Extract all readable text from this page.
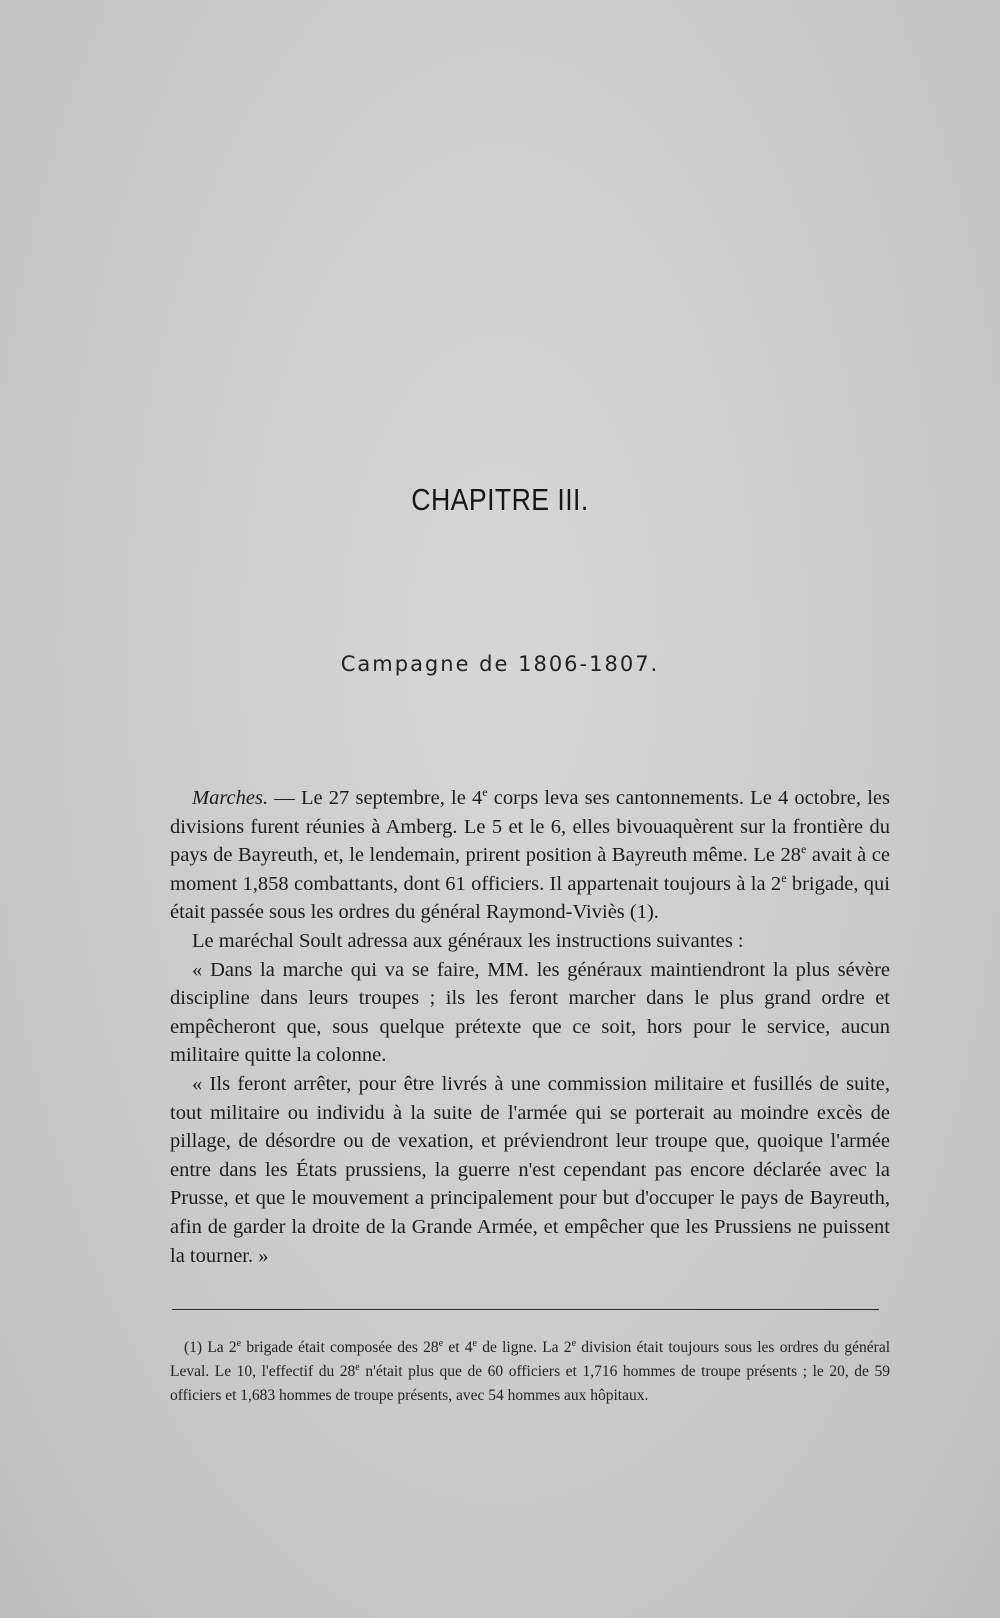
CHAPITRE III.
Campagne de 1806-1807.

Marches. — Le 27 septembre, le 4e corps leva ses cantonnements. Le 4 octobre, les divisions furent réunies à Amberg. Le 5 et le 6, elles bivouaquèrent sur la frontière du pays de Bayreuth, et, le lendemain, prirent position à Bayreuth même. Le 28e avait à ce moment 1,858 combattants, dont 61 officiers. Il appartenait toujours à la 2e brigade, qui était passée sous les ordres du général Raymond-Viviès (1).

Le maréchal Soult adressa aux généraux les instructions suivantes :

« Dans la marche qui va se faire, MM. les généraux maintiendront la plus sévère discipline dans leurs troupes ; ils les feront marcher dans le plus grand ordre et empêcheront que, sous quelque prétexte que ce soit, hors pour le service, aucun militaire quitte la colonne.

« Ils feront arrêter, pour être livrés à une commission militaire et fusillés de suite, tout militaire ou individu à la suite de l'armée qui se porterait au moindre excès de pillage, de désordre ou de vexation, et préviendront leur troupe que, quoique l'armée entre dans les États prussiens, la guerre n'est cependant pas encore déclarée avec la Prusse, et que le mouvement a principalement pour but d'occuper le pays de Bayreuth, afin de garder la droite de la Grande Armée, et empêcher que les Prussiens ne puissent la tourner. »

(1) La 2e brigade était composée des 28e et 4e de ligne. La 2e division était toujours sous les ordres du général Leval. Le 10, l'effectif du 28e n'était plus que de 60 officiers et 1,716 hommes de troupe présents ; le 20, de 59 officiers et 1,683 hommes de troupe présents, avec 54 hommes aux hôpitaux.
